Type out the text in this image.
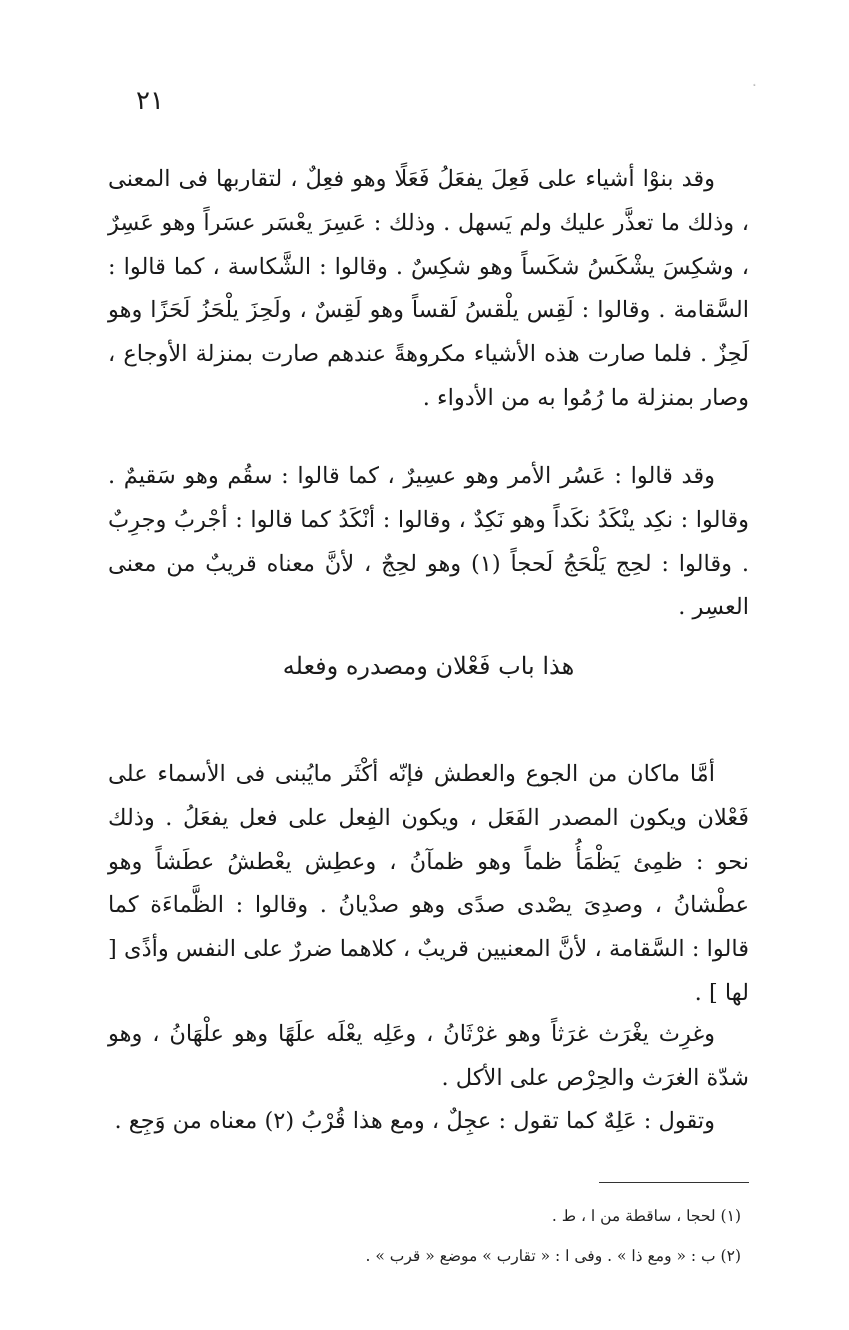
٢١

وقد بنوْا أشياء على فَعِلَ يفعَلُ فَعَلًا وهو فعِلٌ ، لتقاربها فى المعنى ، وذلك ما تعذَّر عليك ولم يَسهل . وذلك : عَسِرَ يعْسَر عسَراً وهو عَسِرٌ ، وشكِسَ يشْكَسُ شكَساً وهو شكِسٌ . وقالوا : الشَّكاسة ، كما قالوا : السَّقامة . وقالوا : لَقِس يلْقسُ لَقساً وهو لَقِسٌ ، ولَحِزَ يلْحَزُ لَحَزًا وهو لَحِزٌ . فلما صارت هذه الأشياء مكروهةً عندهم صارت بمنزلة الأوجاع ، وصار بمنزلة ما رُمُوا به من الأدواء .

وقد قالوا : عَسُر الأمر وهو عسِيرٌ ، كما قالوا : سقُم وهو سَقيمٌ . وقالوا : نكِد ينْكَدُ نكَداً وهو نَكِدٌ ، وقالوا : أنْكَدُ كما قالوا : أجْربُ وجرِبٌ . وقالوا : لحِج يَلْحَجُ لَحجاً (١) وهو لحِجٌ ، لأنَّ معناه قريبٌ من معنى العسِر .

هذا باب فَعْلان ومصدره وفعله

أمَّا ماكان من الجوع والعطش فإنّه أكْثَر مايُبنى فى الأسماء على فَعْلان ويكون المصدر الفَعَل ، ويكون الفِعل على فعل يفعَلُ . وذلك نحو : ظمِئ يَظْمَأُ ظماً وهو ظمآنُ ، وعطِش يعْطشُ عطَشاً وهو عطْشانُ ، وصدِىَ يصْدى صدًى وهو صدْيانُ . وقالوا : الظَّماءَة كما قالوا : السَّقامة ، لأنَّ المعنيين قريبٌ ، كلاهما ضررٌ على النفس وأذًى [ لها ] .

وغرِث يغْرَث غرَثاً وهو غرْثَانُ ، وعَلِه يعْلَه علَهًا وهو علْهَانُ ، وهو شدّة الغرَث والحِرْص على الأكل .

وتقول : عَلِهٌ كما تقول : عجِلٌ ، ومع هذا قُرْبُ (٢) معناه من وَجِع .

(١) لحجا ، ساقطة من ا ، ط .

(٢) ب : « ومع ذا » . وفى ا : « تقارب » موضع « قرب » .
